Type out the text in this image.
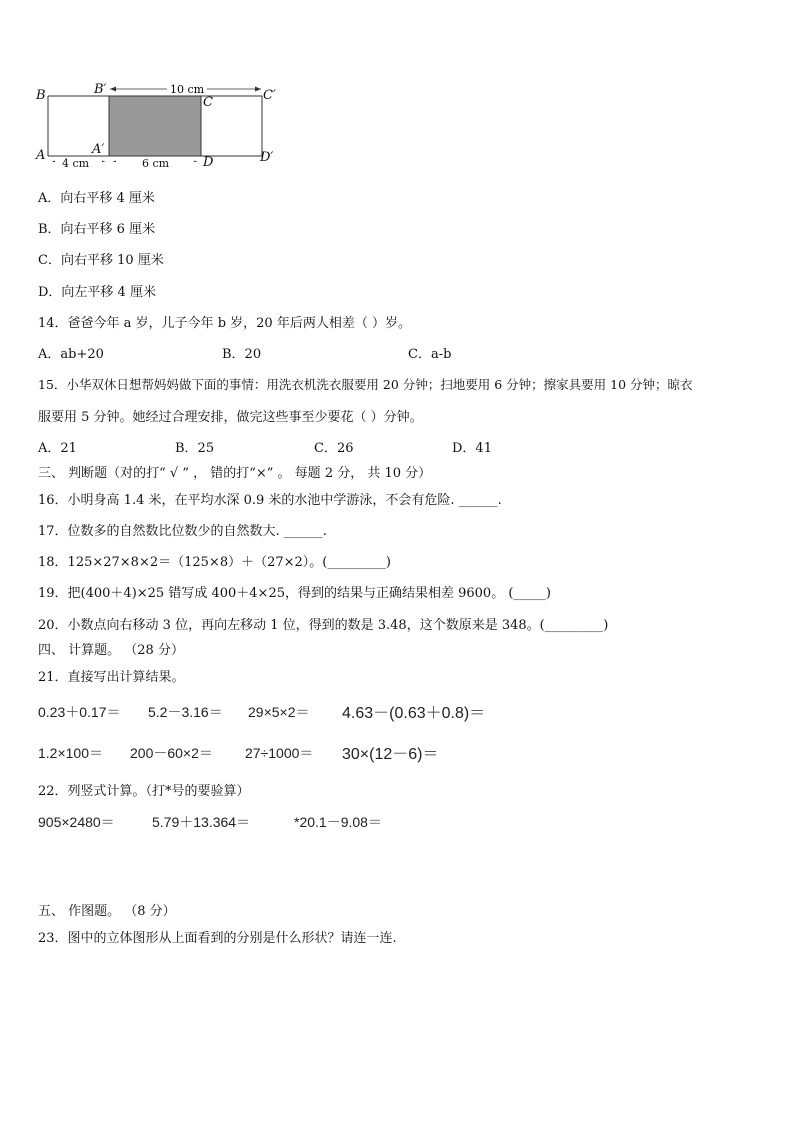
10 cm
B	B′
C	C′
A	A′
D	D′
4 cm	6 cm
A．向右平移 4 厘米
B．向右平移 6 厘米
C．向右平移 10 厘米
D．向左平移 4 厘米
14．爸爸今年 a 岁，儿子今年 b 岁，20 年后两人相差（ ）岁。
A．ab+20	B．20	C．a-b
15．小华双休日想帮妈妈做下面的事情：用洗衣机洗衣服要用 20 分钟；扫地要用 6 分钟；擦家具要用 10 分钟；晾衣
服要用 5 分钟。她经过合理安排，做完这些事至少要花（ ）分钟。
A．21	B．25	C．26	D．41
三、 判断题（对的打“ √ ” ， 错的打“×” 。 每题 2 分， 共 10 分）
16．小明身高 1.4 米，在平均水深 0.9 米的水池中学游泳，不会有危险. ______.
17．位数多的自然数比位数少的自然数大. ______.
18．125×27×8×2＝（125×8）＋（27×2）。(_________)
19．把(400＋4)×25 错写成 400＋4×25，得到的结果与正确结果相差 9600。 (_____)
20．小数点向右移动 3 位，再向左移动 1 位，得到的数是 3.48，这个数原来是 348。(_________)
四、 计算题。 （28 分）
21．直接写出计算结果。
0.23＋0.17＝ 5.2－3.16＝ 29×5×2＝ 4.63－(0.63＋0.8)＝
1.2×100＝ 200－60×2＝ 27÷1000＝ 30×(12－6)＝
22．列竖式计算。（打*号的要验算）
905×2480＝	5.79＋13.364＝	*20.1－9.08＝
五、 作图题。 （8 分）
23．图中的立体图形从上面看到的分别是什么形状？请连一连.
